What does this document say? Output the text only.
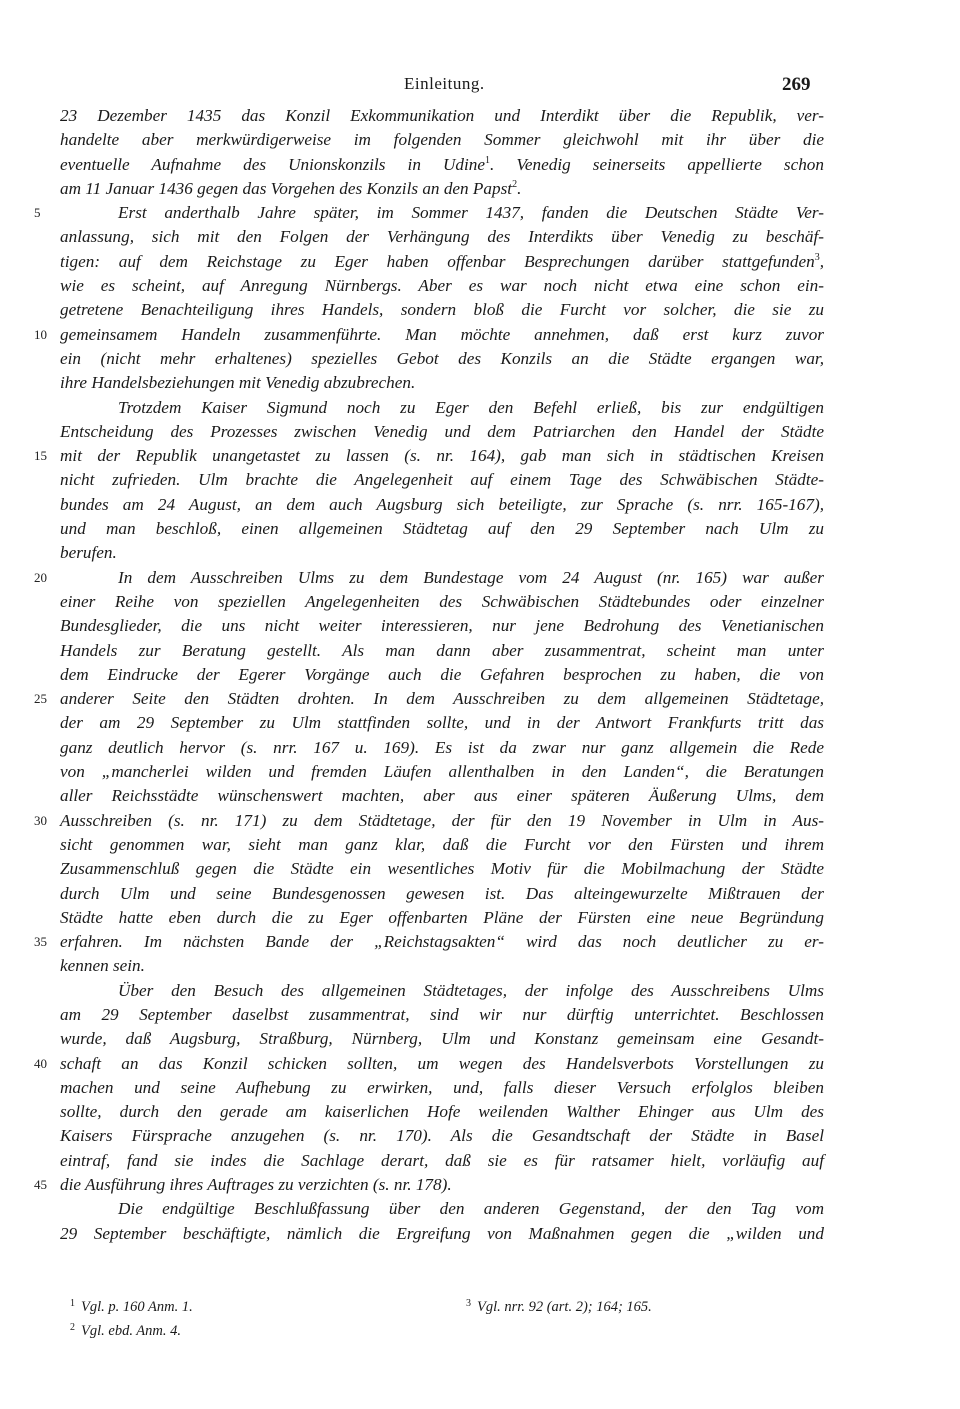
Einleitung.	269
23 Dezember 1435 das Konzil Exkommunikation und Interdikt über die Republik, ver-
handelte aber merkwürdigerweise im folgenden Sommer gleichwohl mit ihr über die
eventuelle Aufnahme des Unionskonzils in Udine$^1$. Venedig seinerseits appellierte schon
am 11 Januar 1436 gegen das Vorgehen des Konzils an den Papst$^2$.
5	Erst anderthalb Jahre später, im Sommer 1437, fanden die Deutschen Städte Ver-
anlassung, sich mit den Folgen der Verhängung des Interdikts über Venedig zu beschäf-
tigen: auf dem Reichstage zu Eger haben offenbar Besprechungen darüber stattgefunden$^3$,
wie es scheint, auf Anregung Nürnbergs. Aber es war noch nicht etwa eine schon ein-
getretene Benachteiligung ihres Handels, sondern bloß die Furcht vor solcher, die sie zu
10 gemeinsamem Handeln zusammenführte. Man möchte annehmen, daß erst kurz zuvor
ein (nicht mehr erhaltenes) spezielles Gebot des Konzils an die Städte ergangen war,
ihre Handelsbeziehungen mit Venedig abzubrechen.
Trotzdem Kaiser Sigmund noch zu Eger den Befehl erließ, bis zur endgültigen
Entscheidung des Prozesses zwischen Venedig und dem Patriarchen den Handel der Städte
15 mit der Republik unangetastet zu lassen (s. nr. 164), gab man sich in städtischen Kreisen
nicht zufrieden. Ulm brachte die Angelegenheit auf einem Tage des Schwäbischen Städte-
bundes am 24 August, an dem auch Augsburg sich beteiligte, zur Sprache (s. nrr. 165-167),
und man beschloß, einen allgemeinen Städtetag auf den 29 September nach Ulm zu
berufen.
20	In dem Ausschreiben Ulms zu dem Bundestage vom 24 August (nr. 165) war außer
einer Reihe von speziellen Angelegenheiten des Schwäbischen Städtebundes oder einzelner
Bundesglieder, die uns nicht weiter interessieren, nur jene Bedrohung des Venetianischen
Handels zur Beratung gestellt. Als man dann aber zusammentrat, scheint man unter
dem Eindrucke der Egerer Vorgänge auch die Gefahren besprochen zu haben, die von
25 anderer Seite den Städten drohten. In dem Ausschreiben zu dem allgemeinen Städtetage,
der am 29 September zu Ulm stattfinden sollte, und in der Antwort Frankfurts tritt das
ganz deutlich hervor (s. nrr. 167 u. 169). Es ist da zwar nur ganz allgemein die Rede
von „mancherlei wilden und fremden Läufen allenthalben in den Landen“, die Beratungen
aller Reichsstädte wünschenswert machten, aber aus einer späteren Äußerung Ulms, dem
30 Ausschreiben (s. nr. 171) zu dem Städtetage, der für den 19 November in Ulm in Aus-
sicht genommen war, sieht man ganz klar, daß die Furcht vor den Fürsten und ihrem
Zusammenschluß gegen die Städte ein wesentliches Motiv für die Mobilmachung der Städte
durch Ulm und seine Bundesgenossen gewesen ist. Das alteingewurzelte Mißtrauen der
Städte hatte eben durch die zu Eger offenbarten Pläne der Fürsten eine neue Begründung
35 erfahren. Im nächsten Bande der „Reichstagsakten“ wird das noch deutlicher zu er-
kennen sein.
Über den Besuch des allgemeinen Städtetages, der infolge des Ausschreibens Ulms
am 29 September daselbst zusammentrat, sind wir nur dürftig unterrichtet. Beschlossen
wurde, daß Augsburg, Straßburg, Nürnberg, Ulm und Konstanz gemeinsam eine Gesandt-
40 schaft an das Konzil schicken sollten, um wegen des Handelsverbots Vorstellungen zu
machen und seine Aufhebung zu erwirken, und, falls dieser Versuch erfolglos bleiben
sollte, durch den gerade am kaiserlichen Hofe weilenden Walther Ehinger aus Ulm des
Kaisers Fürsprache anzugehen (s. nr. 170). Als die Gesandtschaft der Städte in Basel
eintraf, fand sie indes die Sachlage derart, daß sie es für ratsamer hielt, vorläufig auf
45 die Ausführung ihres Auftrages zu verzichten (s. nr. 178).
Die endgültige Beschlußfassung über den anderen Gegenstand, der den Tag vom
29 September beschäftigte, nämlich die Ergreifung von Maßnahmen gegen die „wilden und
$^1$ Vgl. p. 160 Anm. 1.
$^2$ Vgl. ebd. Anm. 4.
$^3$ Vgl. nrr. 92 (art. 2); 164; 165.
